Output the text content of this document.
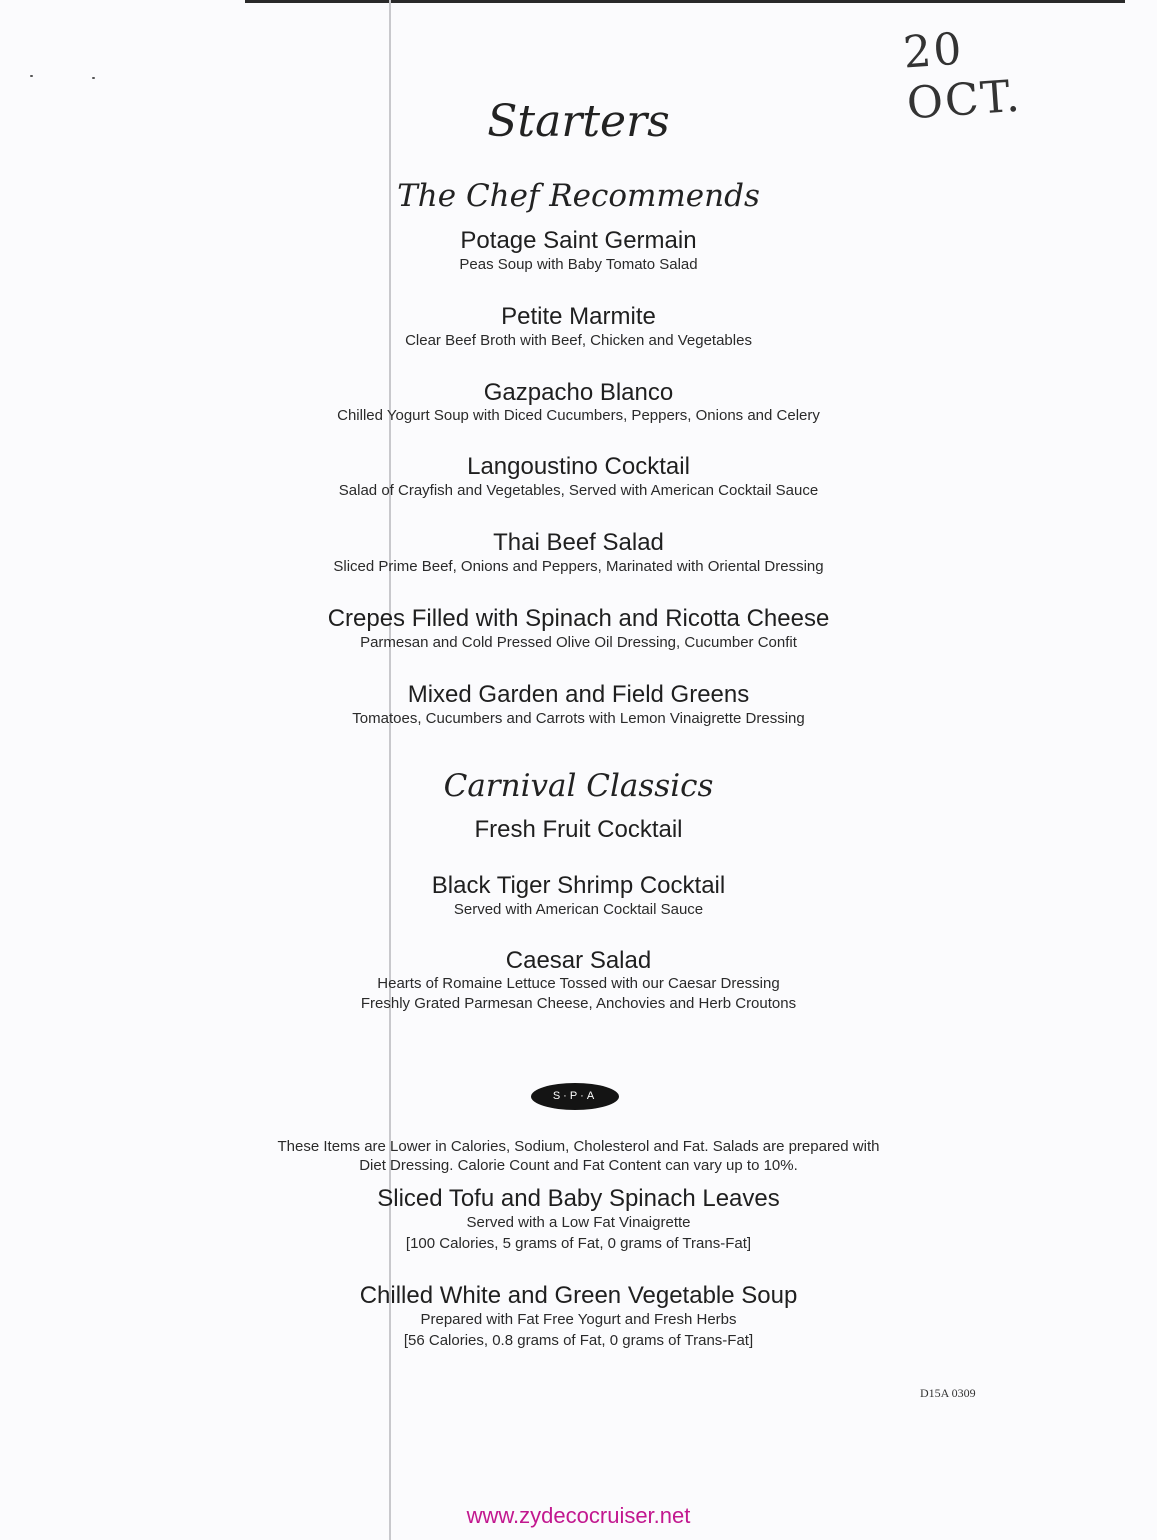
20 OCT.
Starters
The Chef Recommends
Potage Saint Germain
Peas Soup with Baby Tomato Salad
Petite Marmite
Clear Beef Broth with Beef, Chicken and Vegetables
Gazpacho Blanco
Chilled Yogurt Soup with Diced Cucumbers, Peppers, Onions and Celery
Langoustino Cocktail
Salad of Crayfish and Vegetables, Served with American Cocktail Sauce
Thai Beef Salad
Sliced Prime Beef, Onions and Peppers, Marinated with Oriental Dressing
Crepes Filled with Spinach and Ricotta Cheese
Parmesan and Cold Pressed Olive Oil Dressing, Cucumber Confit
Mixed Garden and Field Greens
Tomatoes, Cucumbers and Carrots with Lemon Vinaigrette Dressing
Carnival Classics
Fresh Fruit Cocktail
Black Tiger Shrimp Cocktail
Served with American Cocktail Sauce
Caesar Salad
Hearts of Romaine Lettuce Tossed with our Caesar Dressing
Freshly Grated Parmesan Cheese, Anchovies and Herb Croutons
S·P·A
These Items are Lower in Calories, Sodium, Cholesterol and Fat. Salads are prepared with
Diet Dressing. Calorie Count and Fat Content can vary up to 10%.
Sliced Tofu and Baby Spinach Leaves
Served with a Low Fat Vinaigrette
[100 Calories, 5 grams of Fat, 0 grams of Trans-Fat]
Chilled White and Green Vegetable Soup
Prepared with Fat Free Yogurt and Fresh Herbs
[56 Calories, 0.8 grams of Fat, 0 grams of Trans-Fat]
D15A 0309
www.zydecocruiser.net
